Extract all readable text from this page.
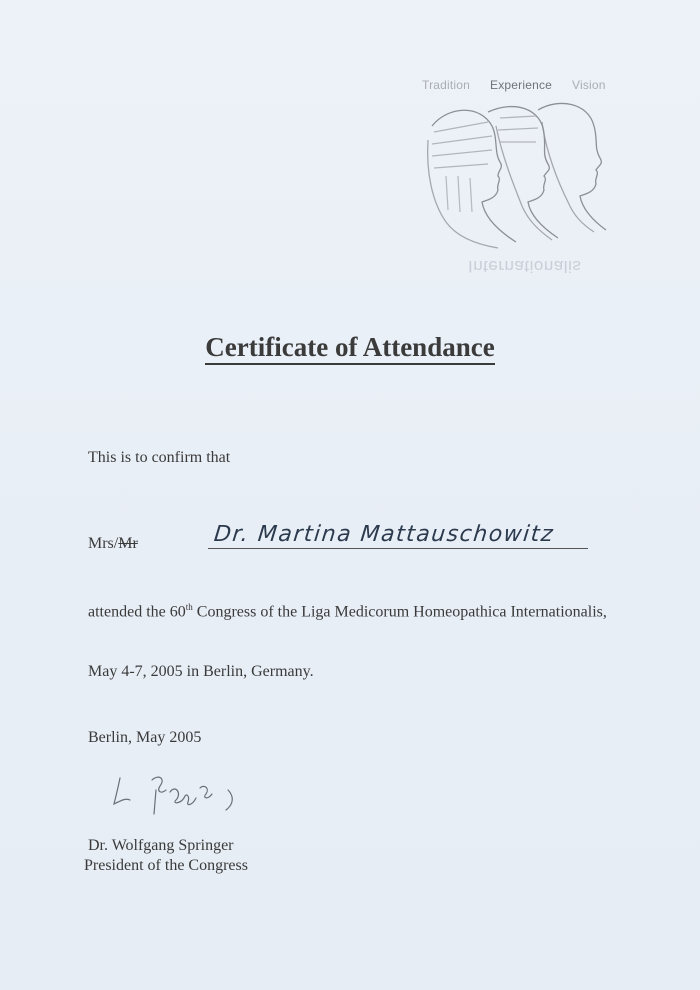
Tradition Experience Vision
Internationalis
Certificate of Attendance
This is to confirm that
Mrs/Mr	Dr. Martina Mattauschowitz
attended the 60th Congress of the Liga Medicorum Homeopathica Internationalis,
May 4-7, 2005 in Berlin, Germany.
Berlin, May 2005
Dr. Wolfgang Springer
President of the Congress
